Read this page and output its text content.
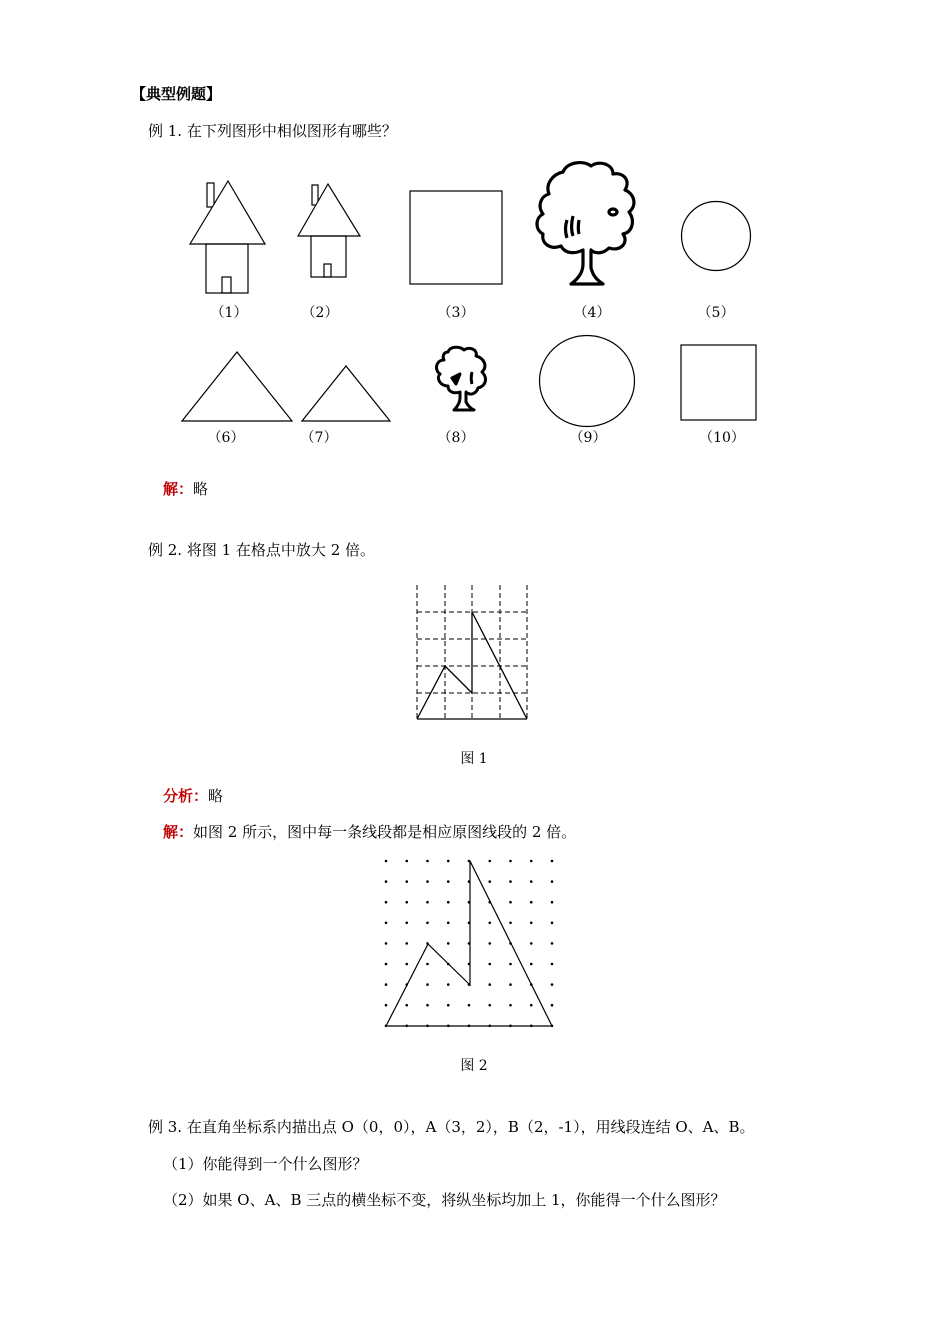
【典型例题】
例 1. 在下列图形中相似图形有哪些？
（1）	（2）	（3）	（4）	（5）
（6）	（7）	（8）	（9）	（10）
解：略
例 2. 将图 1 在格点中放大 2 倍。
图 1
分析：略
解：如图 2 所示，图中每一条线段都是相应原图线段的 2 倍。
图 2
例 3. 在直角坐标系内描出点 O（0，0），A（3，2），B（2，-1），用线段连结 O、A、B。
（1）你能得到一个什么图形？
（2）如果 O、A、B 三点的横坐标不变，将纵坐标均加上 1，你能得一个什么图形？
